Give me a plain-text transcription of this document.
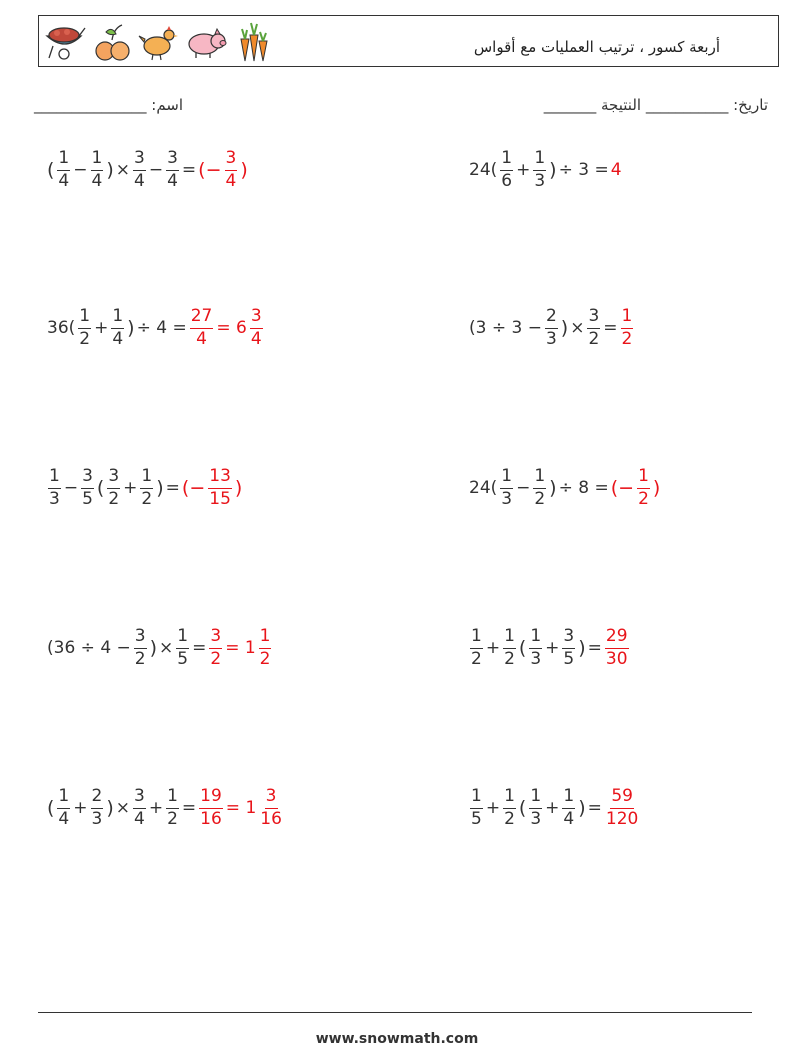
أربعة كسور ، ترتيب العمليات مع أقواس
اسم: _______________	تاريخ: ___________ النتيجة _______
( $\frac{1}{4} - \frac{1}{4}$ ) × $\frac{3}{4} - \frac{3}{4}$ = (− $\frac{3}{4}$ )	$24( \frac{1}{6} + \frac{1}{3}$ ) ÷ 3 = 4
$36( \frac{1}{2} + \frac{1}{4}$ ) ÷ $4 = \frac{27}{4} = 6 \frac{3}{4}$	($3 \div 3 - \frac{2}{3}$ ) × $\frac{3}{2} = \frac{1}{2}$
$\frac{1}{3} - \frac{3}{5}$ ( $\frac{3}{2} + \frac{1}{2}$ ) = (− $\frac{13}{15}$ )	$24( \frac{1}{3} - \frac{1}{2}$ ) ÷ 8 = (− $\frac{1}{2}$ )
($36 \div 4 - \frac{3}{2}$ ) × $\frac{1}{5} = \frac{3}{2} = 1 \frac{1}{2}$	$\frac{1}{2} + \frac{1}{2}$ ( $\frac{1}{3} + \frac{3}{5}$ ) = $\frac{29}{30}$
( $\frac{1}{4} + \frac{2}{3}$ ) × $\frac{3}{4} + \frac{1}{2} = \frac{19}{16} = 1 \frac{3}{16}$	$\frac{1}{5} + \frac{1}{2}$ ( $\frac{1}{3} + \frac{1}{4}$ ) = $\frac{59}{120}$
www.snowmath.com
